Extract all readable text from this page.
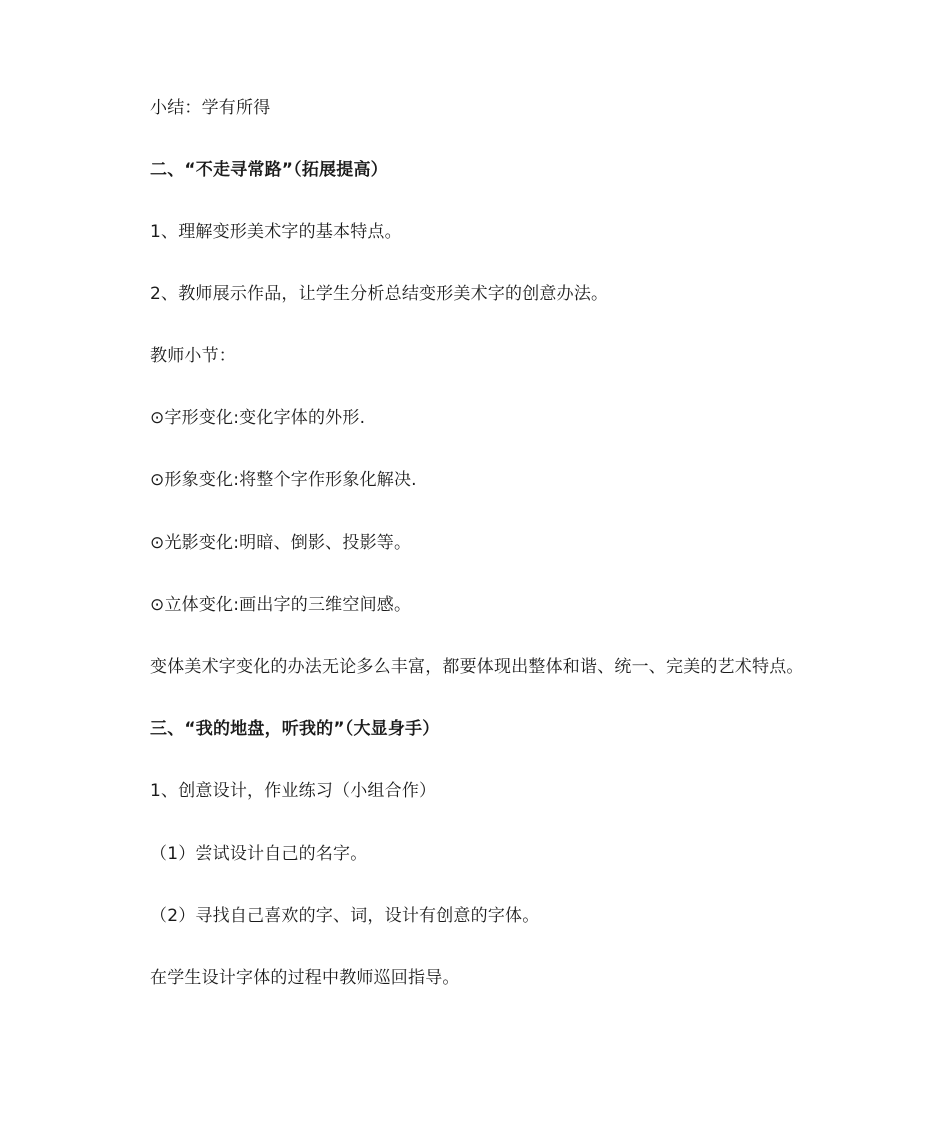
小结：学有所得
二、“不走寻常路”（拓展提高）
1、理解变形美术字的基本特点。
2、教师展示作品，让学生分析总结变形美术字的创意办法。
教师小节：
⊙字形变化:变化字体的外形.
⊙形象变化:将整个字作形象化解决.
⊙光影变化:明暗、倒影、投影等。
⊙立体变化:画出字的三维空间感。
变体美术字变化的办法无论多么丰富，都要体现出整体和谐、统一、完美的艺术特点。
三、“我的地盘，听我的”（大显身手）
1、创意设计，作业练习（小组合作）
（1）尝试设计自己的名字。
（2）寻找自己喜欢的字、词，设计有创意的字体。
在学生设计字体的过程中教师巡回指导。
